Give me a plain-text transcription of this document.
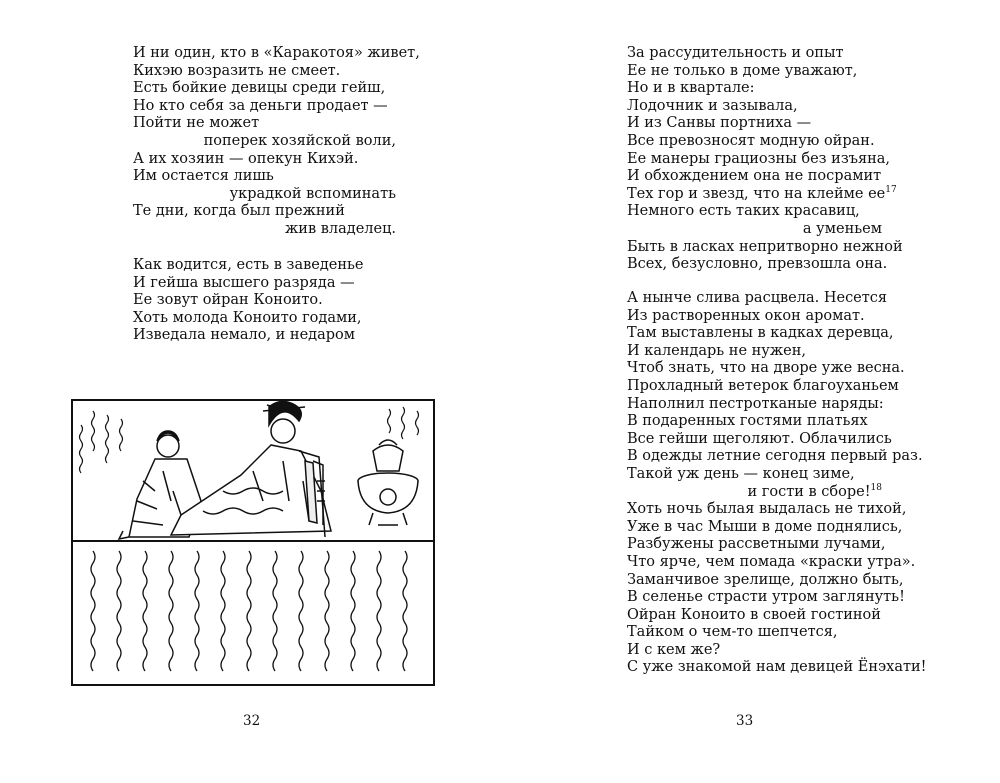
И ни один, кто в «Каракотоя» живет,
Кихэю возразить не смеет.
Есть бойкие девицы среди гейш,
Но кто себя за деньги продает —
Пойти не может
поперек хозяйской воли,
А их хозяин — опекун Кихэй.
Им остается лишь
украдкой вспоминать
Те дни, когда был прежний
жив владелец.
Как водится, есть в заведенье
И гейша высшего разряда —
Ее зовут ойран Коноито.
Хоть молода Коноито годами,
Изведала немало, и недаром
32
За рассудительность и опыт
Ее не только в доме уважают,
Но и в квартале:
Лодочник и зазывала,
И из Санвы портниха —
Все превозносят модную ойран.
Ее манеры грациозны без изъяна,
И обхождением она не посрамит
Тех гор и звезд, что на клейме $ее^{17}$
Немного есть таких красавиц,
а уменьем
Быть в ласках непритворно нежной
Всех, безусловно, превзошла она.
А нынче слива расцвела. Несется
Из растворенных окон аромат.
Там выставлены в кадках деревца,
И календарь не нужен,
Чтоб знать, что на дворе уже весна.
Прохладный ветерок благоуханьем
Наполнил пестротканые наряды:
В подаренных гостями платьях
Все гейши щеголяют. Облачились
В одежды летние сегодня первый раз.
Такой уж день — конец зиме,
и гости в сборе!$^{18}$
Хоть ночь былая выдалась не тихой,
Уже в час Мыши в доме поднялись,
Разбужены рассветными лучами,
Что ярче, чем помада «краски утра».
Заманчивое зрелище, должно быть,
В селенье страсти утром заглянуть!
Ойран Коноито в своей гостиной
Тайком о чем-то шепчется,
И с кем же?
С уже знакомой нам девицей Ёнэхати!
33
